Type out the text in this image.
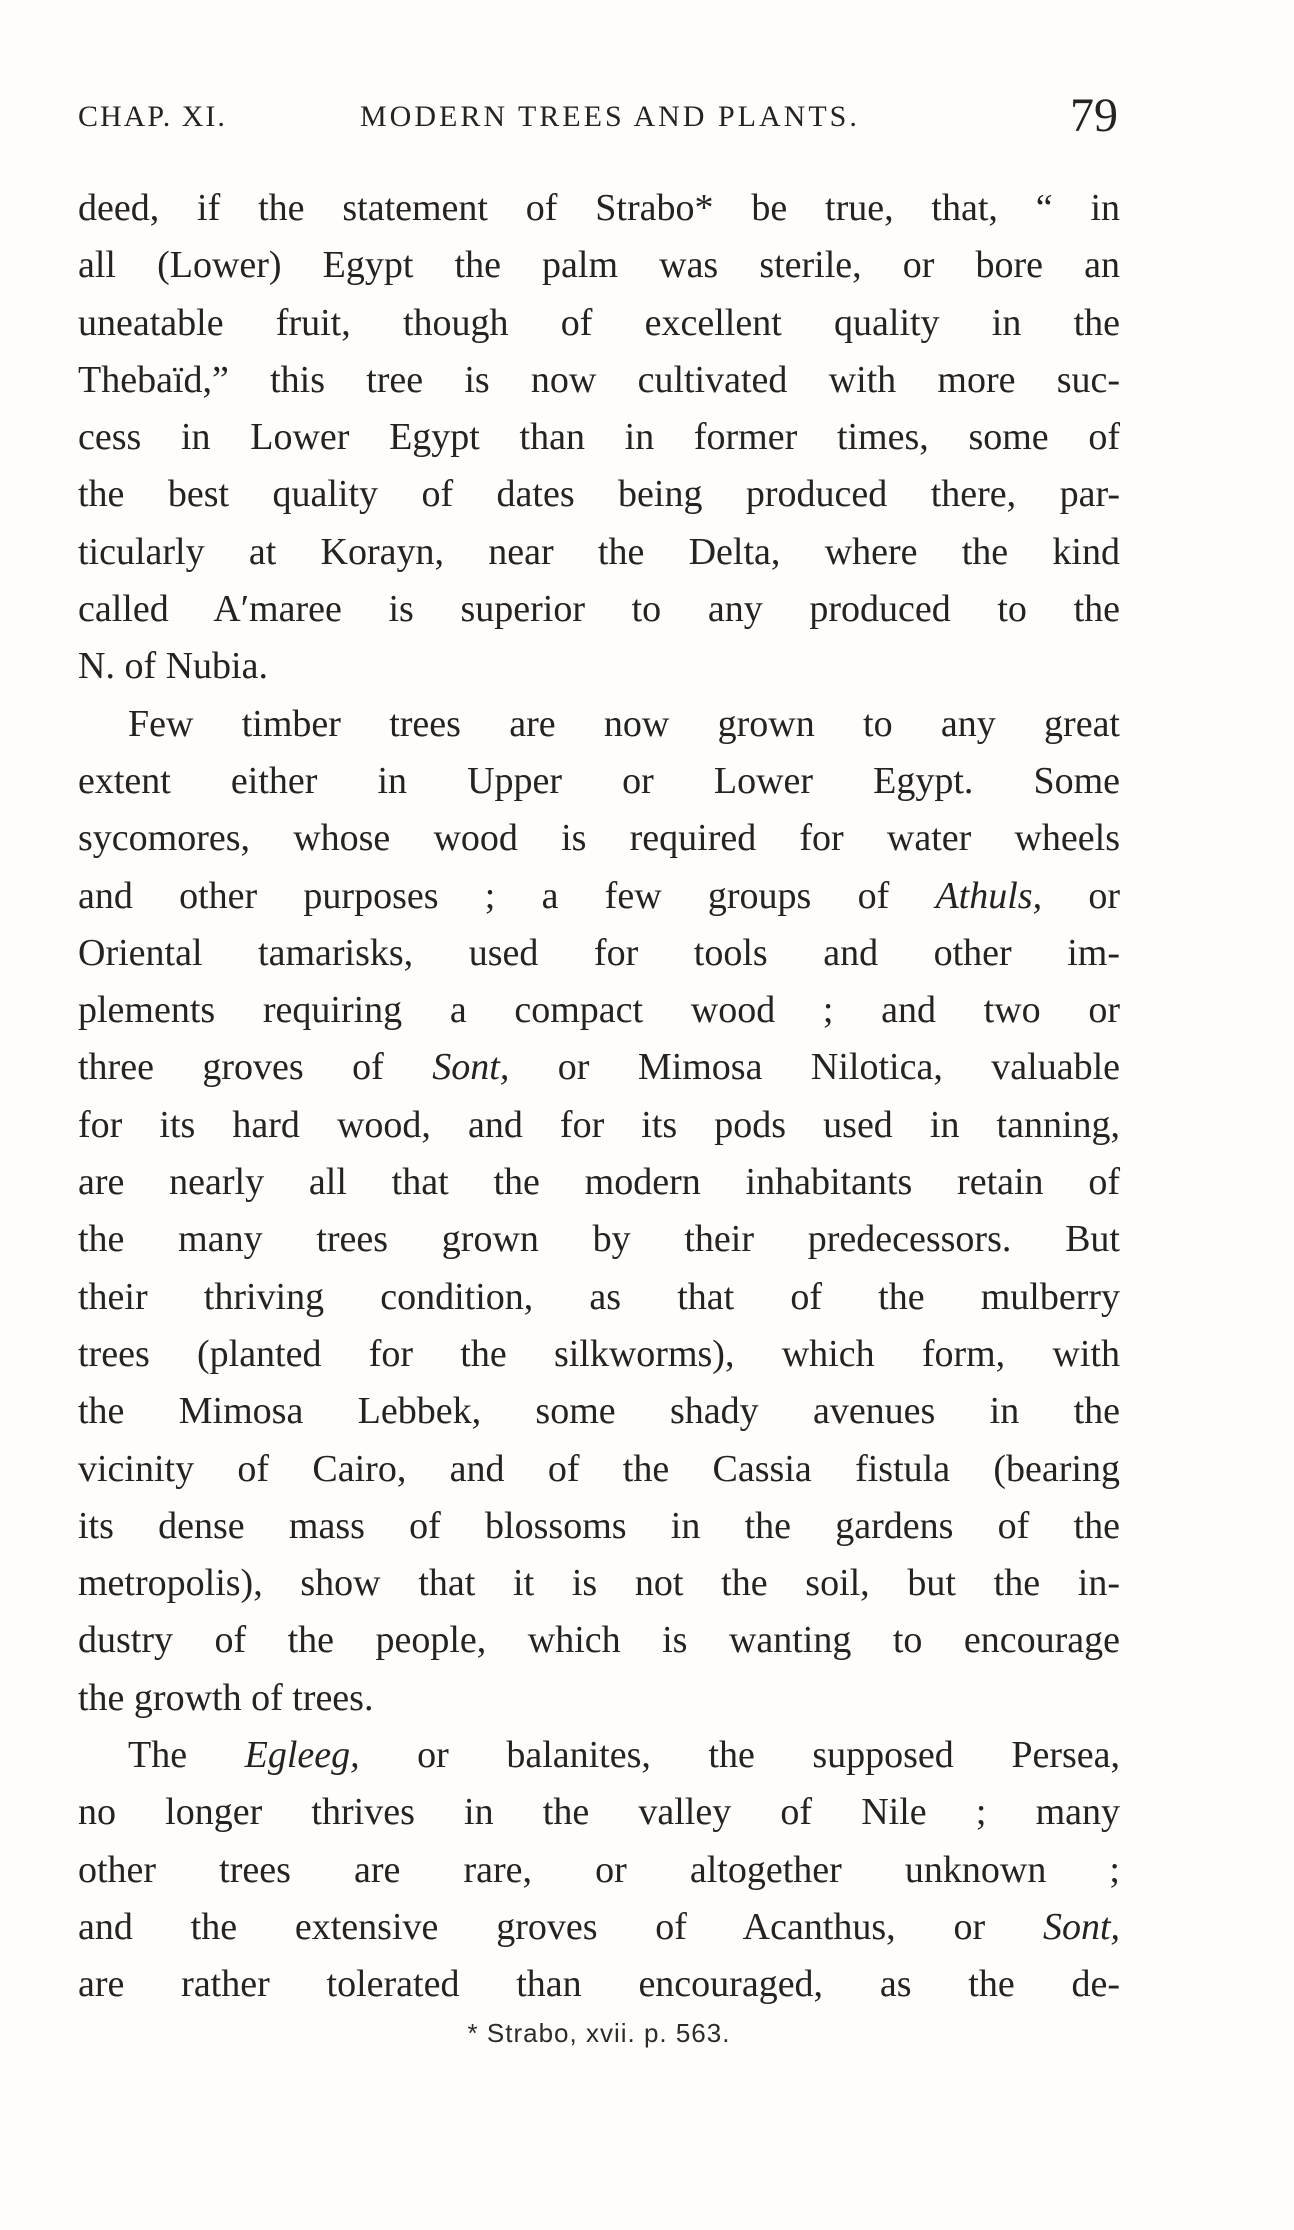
CHAP. XI.	MODERN TREES AND PLANTS.	79
deed, if the statement of Strabo* be true, that, “ in
all (Lower) Egypt the palm was sterile, or bore an
uneatable fruit, though of excellent quality in the
Thebaïd,” this tree is now cultivated with more suc-
cess in Lower Egypt than in former times, some of
the best quality of dates being produced there, par-
ticularly at Korayn, near the Delta, where the kind
called A′maree is superior to any produced to the
N. of Nubia.
Few timber trees are now grown to any great
extent either in Upper or Lower Egypt. Some
sycomores, whose wood is required for water wheels
and other purposes ; a few groups of Athuls, or
Oriental tamarisks, used for tools and other im-
plements requiring a compact wood ; and two or
three groves of Sont, or Mimosa Nilotica, valuable
for its hard wood, and for its pods used in tanning,
are nearly all that the modern inhabitants retain of
the many trees grown by their predecessors. But
their thriving condition, as that of the mulberry
trees (planted for the silkworms), which form, with
the Mimosa Lebbek, some shady avenues in the
vicinity of Cairo, and of the Cassia fistula (bearing
its dense mass of blossoms in the gardens of the
metropolis), show that it is not the soil, but the in-
dustry of the people, which is wanting to encourage
the growth of trees.
The Egleeg, or balanites, the supposed Persea,
no longer thrives in the valley of Nile ; many
other trees are rare, or altogether unknown ;
and the extensive groves of Acanthus, or Sont,
are rather tolerated than encouraged, as the de-
* Strabo, xvii. p. 563.
